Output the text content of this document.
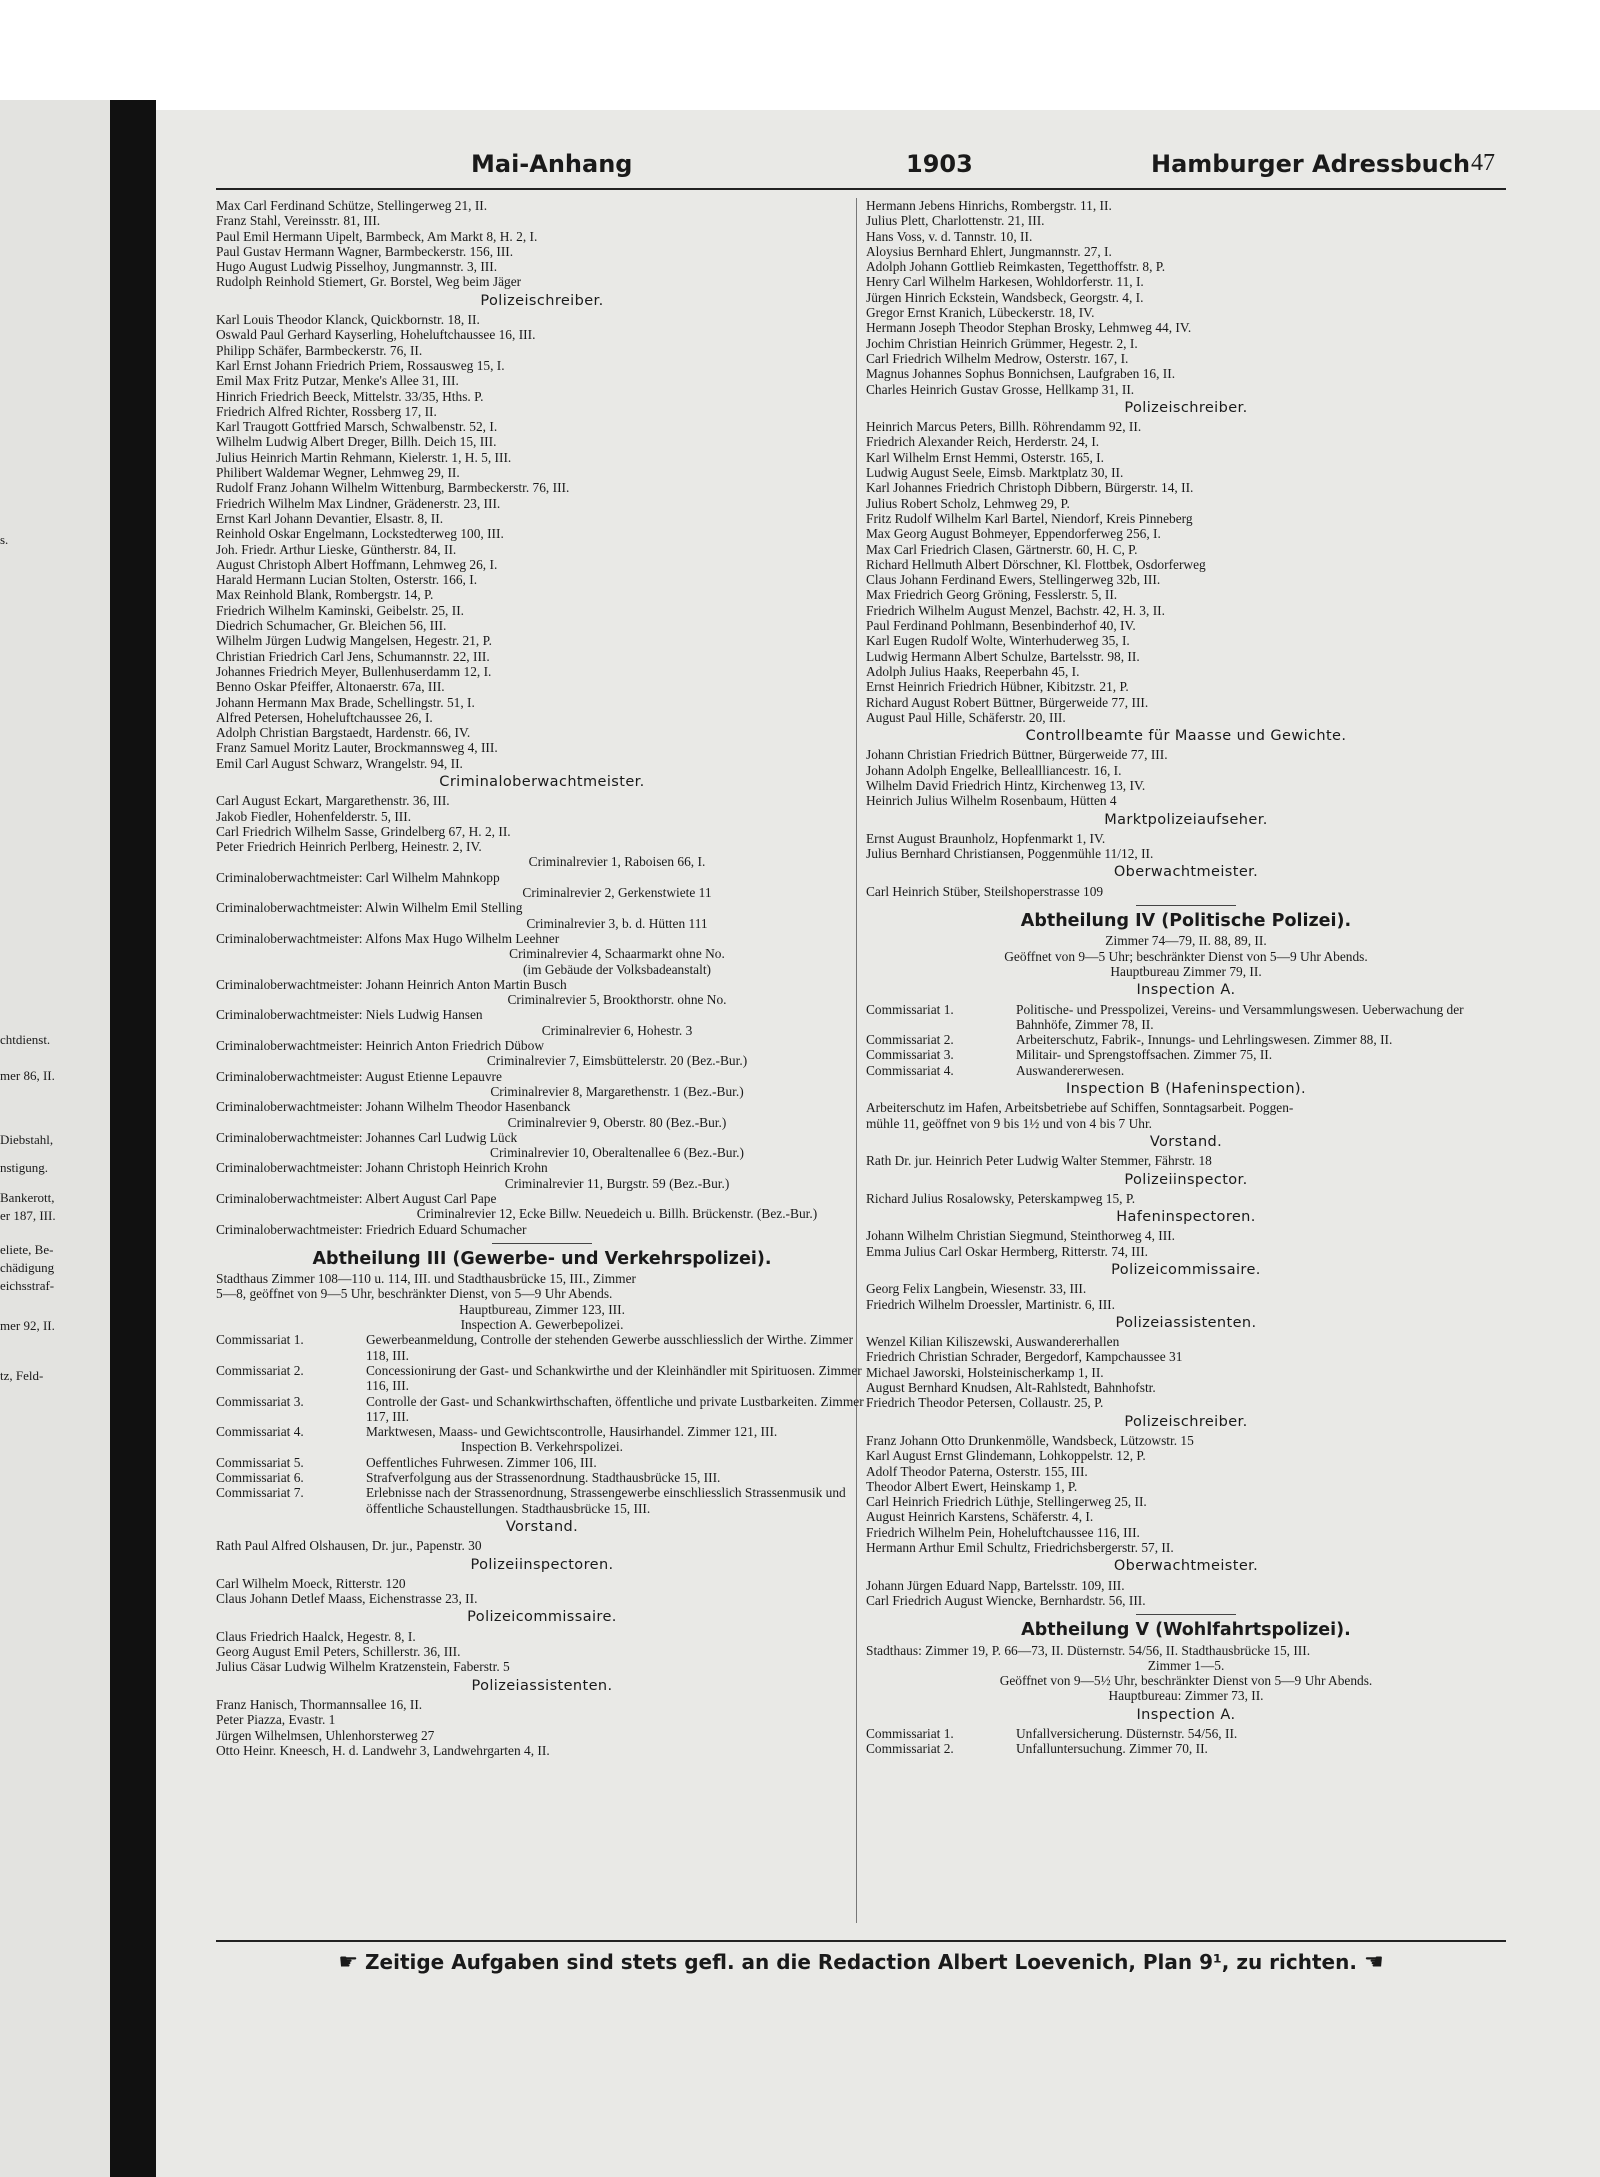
s.
chtdienst.
mer 86, II.
Diebstahl,
nstigung.
Bankerott,
er 187, III.
eliete, Be-
chädigung
eichsstraf-
mer 92, II.
tz, Feld-
Mai-Anhang	1903	Hamburger Adressbuch 47
Max Carl Ferdinand Schütze, Stellingerweg 21, II.
Franz Stahl, Vereinsstr. 81, III.
Paul Emil Hermann Uipelt, Barmbeck, Am Markt 8, H. 2, I.
Paul Gustav Hermann Wagner, Barmbeckerstr. 156, III.
Hugo August Ludwig Pisselhoy, Jungmannstr. 3, III.
Rudolph Reinhold Stiemert, Gr. Borstel, Weg beim Jäger
Polizeischreiber.
Karl Louis Theodor Klanck, Quickbornstr. 18, II.
Oswald Paul Gerhard Kayserling, Hoheluftchaussee 16, III.
Philipp Schäfer, Barmbeckerstr. 76, II.
Karl Ernst Johann Friedrich Priem, Rossausweg 15, I.
Emil Max Fritz Putzar, Menke's Allee 31, III.
Hinrich Friedrich Beeck, Mittelstr. 33/35, Hths. P.
Friedrich Alfred Richter, Rossberg 17, II.
Karl Traugott Gottfried Marsch, Schwalbenstr. 52, I.
Wilhelm Ludwig Albert Dreger, Billh. Deich 15, III.
Julius Heinrich Martin Rehmann, Kielerstr. 1, H. 5, III.
Philibert Waldemar Wegner, Lehmweg 29, II.
Rudolf Franz Johann Wilhelm Wittenburg, Barmbeckerstr. 76, III.
Friedrich Wilhelm Max Lindner, Grädenerstr. 23, III.
Ernst Karl Johann Devantier, Elsastr. 8, II.
Reinhold Oskar Engelmann, Lockstedterweg 100, III.
Joh. Friedr. Arthur Lieske, Güntherstr. 84, II.
August Christoph Albert Hoffmann, Lehmweg 26, I.
Harald Hermann Lucian Stolten, Osterstr. 166, I.
Max Reinhold Blank, Rombergstr. 14, P.
Friedrich Wilhelm Kaminski, Geibelstr. 25, II.
Diedrich Schumacher, Gr. Bleichen 56, III.
Wilhelm Jürgen Ludwig Mangelsen, Hegestr. 21, P.
Christian Friedrich Carl Jens, Schumannstr. 22, III.
Johannes Friedrich Meyer, Bullenhuserdamm 12, I.
Benno Oskar Pfeiffer, Altonaerstr. 67a, III.
Johann Hermann Max Brade, Schellingstr. 51, I.
Alfred Petersen, Hoheluftchaussee 26, I.
Adolph Christian Bargstaedt, Hardenstr. 66, IV.
Franz Samuel Moritz Lauter, Brockmannsweg 4, III.
Emil Carl August Schwarz, Wrangelstr. 94, II.
Criminaloberwachtmeister.
Carl August Eckart, Margarethenstr. 36, III.
Jakob Fiedler, Hohenfelderstr. 5, III.
Carl Friedrich Wilhelm Sasse, Grindelberg 67, H. 2, II.
Peter Friedrich Heinrich Perlberg, Heinestr. 2, IV.
Criminalrevier 1, Raboisen 66, I.
Criminaloberwachtmeister: Carl Wilhelm Mahnkopp
Criminalrevier 2, Gerkenstwiete 11
Criminaloberwachtmeister: Alwin Wilhelm Emil Stelling
Criminalrevier 3, b. d. Hütten 111
Criminaloberwachtmeister: Alfons Max Hugo Wilhelm Leehner
Criminalrevier 4, Schaarmarkt ohne No.
(im Gebäude der Volksbadeanstalt)
Criminaloberwachtmeister: Johann Heinrich Anton Martin Busch
Criminalrevier 5, Brookthorstr. ohne No.
Criminaloberwachtmeister: Niels Ludwig Hansen
Criminalrevier 6, Hohestr. 3
Criminaloberwachtmeister: Heinrich Anton Friedrich Dübow
Criminalrevier 7, Eimsbüttelerstr. 20 (Bez.-Bur.)
Criminaloberwachtmeister: August Etienne Lepauvre
Criminalrevier 8, Margarethenstr. 1 (Bez.-Bur.)
Criminaloberwachtmeister: Johann Wilhelm Theodor Hasenbanck
Criminalrevier 9, Oberstr. 80 (Bez.-Bur.)
Criminaloberwachtmeister: Johannes Carl Ludwig Lück
Criminalrevier 10, Oberaltenallee 6 (Bez.-Bur.)
Criminaloberwachtmeister: Johann Christoph Heinrich Krohn
Criminalrevier 11, Burgstr. 59 (Bez.-Bur.)
Criminaloberwachtmeister: Albert August Carl Pape
Criminalrevier 12, Ecke Billw. Neuedeich u. Billh. Brückenstr. (Bez.-Bur.)
Criminaloberwachtmeister: Friedrich Eduard Schumacher
Abtheilung III (Gewerbe- und Verkehrspolizei).
Stadthaus Zimmer 108—110 u. 114, III. und Stadthausbrücke 15, III., Zimmer
5—8, geöffnet von 9—5 Uhr, beschränkter Dienst, von 5—9 Uhr Abends.
Hauptbureau, Zimmer 123, III.
Inspection A. Gewerbepolizei.
Commissariat 1.	Gewerbeanmeldung, Controlle der stehenden Gewerbe ausschliesslich der Wirthe. Zimmer 118, III.
Commissariat 2.	Concessionirung der Gast- und Schankwirthe und der Kleinhändler mit Spirituosen. Zimmer 116, III.
Commissariat 3.	Controlle der Gast- und Schankwirthschaften, öffentliche und private Lustbarkeiten. Zimmer 117, III.
Commissariat 4.	Marktwesen, Maass- und Gewichtscontrolle, Hausirhandel. Zimmer 121, III.
Inspection B. Verkehrspolizei.
Commissariat 5.	Oeffentliches Fuhrwesen. Zimmer 106, III.
Commissariat 6.	Strafverfolgung aus der Strassenordnung. Stadthausbrücke 15, III.
Commissariat 7.	Erlebnisse nach der Strassenordnung, Strassengewerbe einschliesslich Strassenmusik und öffentliche Schaustellungen. Stadthausbrücke 15, III.
Vorstand.
Rath Paul Alfred Olshausen, Dr. jur., Papenstr. 30
Polizeiinspectoren.
Carl Wilhelm Moeck, Ritterstr. 120
Claus Johann Detlef Maass, Eichenstrasse 23, II.
Polizeicommissaire.
Claus Friedrich Haalck, Hegestr. 8, I.
Georg August Emil Peters, Schillerstr. 36, III.
Julius Cäsar Ludwig Wilhelm Kratzenstein, Faberstr. 5
Polizeiassistenten.
Franz Hanisch, Thormannsallee 16, II.
Peter Piazza, Evastr. 1
Jürgen Wilhelmsen, Uhlenhorsterweg 27
Otto Heinr. Kneesch, H. d. Landwehr 3, Landwehrgarten 4, II.
Hermann Jebens Hinrichs, Rombergstr. 11, II.
Julius Plett, Charlottenstr. 21, III.
Hans Voss, v. d. Tannstr. 10, II.
Aloysius Bernhard Ehlert, Jungmannstr. 27, I.
Adolph Johann Gottlieb Reimkasten, Tegetthoffstr. 8, P.
Henry Carl Wilhelm Harkesen, Wohldorferstr. 11, I.
Jürgen Hinrich Eckstein, Wandsbeck, Georgstr. 4, I.
Gregor Ernst Kranich, Lübeckerstr. 18, IV.
Hermann Joseph Theodor Stephan Brosky, Lehmweg 44, IV.
Jochim Christian Heinrich Grümmer, Hegestr. 2, I.
Carl Friedrich Wilhelm Medrow, Osterstr. 167, I.
Magnus Johannes Sophus Bonnichsen, Laufgraben 16, II.
Charles Heinrich Gustav Grosse, Hellkamp 31, II.
Polizeischreiber.
Heinrich Marcus Peters, Billh. Röhrendamm 92, II.
Friedrich Alexander Reich, Herderstr. 24, I.
Karl Wilhelm Ernst Hemmi, Osterstr. 165, I.
Ludwig August Seele, Eimsb. Marktplatz 30, II.
Karl Johannes Friedrich Christoph Dibbern, Bürgerstr. 14, II.
Julius Robert Scholz, Lehmweg 29, P.
Fritz Rudolf Wilhelm Karl Bartel, Niendorf, Kreis Pinneberg
Max Georg August Bohmeyer, Eppendorferweg 256, I.
Max Carl Friedrich Clasen, Gärtnerstr. 60, H. C, P.
Richard Hellmuth Albert Dörschner, Kl. Flottbek, Osdorferweg
Claus Johann Ferdinand Ewers, Stellingerweg 32b, III.
Max Friedrich Georg Gröning, Fesslerstr. 5, II.
Friedrich Wilhelm August Menzel, Bachstr. 42, H. 3, II.
Paul Ferdinand Pohlmann, Besenbinderhof 40, IV.
Karl Eugen Rudolf Wolte, Winterhuderweg 35, I.
Ludwig Hermann Albert Schulze, Bartelsstr. 98, II.
Adolph Julius Haaks, Reeperbahn 45, I.
Ernst Heinrich Friedrich Hübner, Kibitzstr. 21, P.
Richard August Robert Büttner, Bürgerweide 77, III.
August Paul Hille, Schäferstr. 20, III.
Controllbeamte für Maasse und Gewichte.
Johann Christian Friedrich Büttner, Bürgerweide 77, III.
Johann Adolph Engelke, Belleallliancestr. 16, I.
Wilhelm David Friedrich Hintz, Kirchenweg 13, IV.
Heinrich Julius Wilhelm Rosenbaum, Hütten 4
Marktpolizeiaufseher.
Ernst August Braunholz, Hopfenmarkt 1, IV.
Julius Bernhard Christiansen, Poggenmühle 11/12, II.
Oberwachtmeister.
Carl Heinrich Stüber, Steilshoperstrasse 109
Abtheilung IV (Politische Polizei).
Zimmer 74—79, II. 88, 89, II.
Geöffnet von 9—5 Uhr; beschränkter Dienst von 5—9 Uhr Abends.
Hauptbureau Zimmer 79, II.
Inspection A.
Commissariat 1.	Politische- und Presspolizei, Vereins- und Versammlungswesen. Ueberwachung der Bahnhöfe, Zimmer 78, II.
Commissariat 2.	Arbeiterschutz, Fabrik-, Innungs- und Lehrlingswesen. Zimmer 88, II.
Commissariat 3.	Militair- und Sprengstoffsachen. Zimmer 75, II.
Commissariat 4.	Auswandererwesen.
Inspection B (Hafeninspection).
Arbeiterschutz im Hafen, Arbeitsbetriebe auf Schiffen, Sonntagsarbeit. Poggen-
mühle 11, geöffnet von 9 bis 1½ und von 4 bis 7 Uhr.
Vorstand.
Rath Dr. jur. Heinrich Peter Ludwig Walter Stemmer, Fährstr. 18
Polizeiinspector.
Richard Julius Rosalowsky, Peterskampweg 15, P.
Hafeninspectoren.
Johann Wilhelm Christian Siegmund, Steinthorweg 4, III.
Emma Julius Carl Oskar Hermberg, Ritterstr. 74, III.
Polizeicommissaire.
Georg Felix Langbein, Wiesenstr. 33, III.
Friedrich Wilhelm Droessler, Martinistr. 6, III.
Polizeiassistenten.
Wenzel Kilian Kiliszewski, Auswandererhallen
Friedrich Christian Schrader, Bergedorf, Kampchaussee 31
Michael Jaworski, Holsteinischerkamp 1, II.
August Bernhard Knudsen, Alt-Rahlstedt, Bahnhofstr.
Friedrich Theodor Petersen, Collaustr. 25, P.
Polizeischreiber.
Franz Johann Otto Drunkenmölle, Wandsbeck, Lützowstr. 15
Karl August Ernst Glindemann, Lohkoppelstr. 12, P.
Adolf Theodor Paterna, Osterstr. 155, III.
Theodor Albert Ewert, Heinskamp 1, P.
Carl Heinrich Friedrich Lüthje, Stellingerweg 25, II.
August Heinrich Karstens, Schäferstr. 4, I.
Friedrich Wilhelm Pein, Hoheluftchaussee 116, III.
Hermann Arthur Emil Schultz, Friedrichsbergerstr. 57, II.
Oberwachtmeister.
Johann Jürgen Eduard Napp, Bartelsstr. 109, III.
Carl Friedrich August Wiencke, Bernhardstr. 56, III.
Abtheilung V (Wohlfahrtspolizei).
Stadthaus: Zimmer 19, P. 66—73, II. Düsternstr. 54/56, II. Stadthausbrücke 15, III.
Zimmer 1—5.
Geöffnet von 9—5½ Uhr, beschränkter Dienst von 5—9 Uhr Abends.
Hauptbureau: Zimmer 73, II.
Inspection A.
Commissariat 1.	Unfallversicherung. Düsternstr. 54/56, II.
Commissariat 2.	Unfalluntersuchung. Zimmer 70, II.
☛ Zeitige Aufgaben sind stets gefl. an die Redaction Albert Loevenich, Plan 9¹, zu richten. ☚
